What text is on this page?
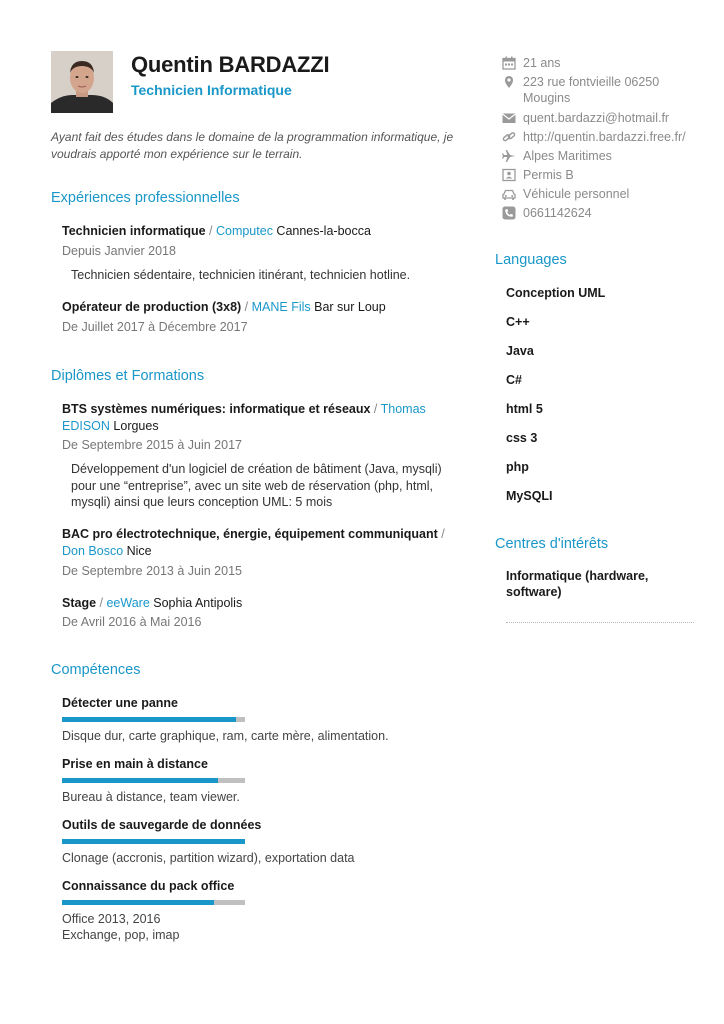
Quentin BARDAZZI
Technicien Informatique
Ayant fait des études dans le domaine de la programmation informatique, je voudrais apporté mon expérience sur le terrain.
Expériences professionnelles
Technicien informatique / Computec Cannes-la-bocca
Depuis Janvier 2018
Technicien sédentaire, technicien itinérant, technicien hotline.
Opérateur de production (3x8) / MANE Fils Bar sur Loup
De Juillet 2017 à Décembre 2017
Diplômes et Formations
BTS systèmes numériques: informatique et réseaux / Thomas EDISON Lorgues
De Septembre 2015 à Juin 2017
Développement d'un logiciel de création de bâtiment (Java, mysqli) pour une “entreprise”, avec un site web de réservation (php, html, mysqli) ainsi que leurs conception UML: 5 mois
BAC pro électrotechnique, énergie, équipement communiquant / Don Bosco Nice
De Septembre 2013 à Juin 2015
Stage / eeWare Sophia Antipolis
De Avril 2016 à Mai 2016
Compétences
Détecter une panne
Disque dur, carte graphique, ram, carte mère, alimentation.
Prise en main à distance
Bureau à distance, team viewer.
Outils de sauvegarde de données
Clonage (accronis, partition wizard), exportation data
Connaissance du pack office
Office 2013, 2016
Exchange, pop, imap
21 ans
223 rue fontvieille 06250
Mougins
quent.bardazzi@hotmail.fr
http://quentin.bardazzi.free.fr/
Alpes Maritimes
Permis B
Véhicule personnel
0661142624
Languages
Conception UML
C++
Java
C#
html 5
css 3
php
MySQLI
Centres d'intérêts
Informatique (hardware, software)
